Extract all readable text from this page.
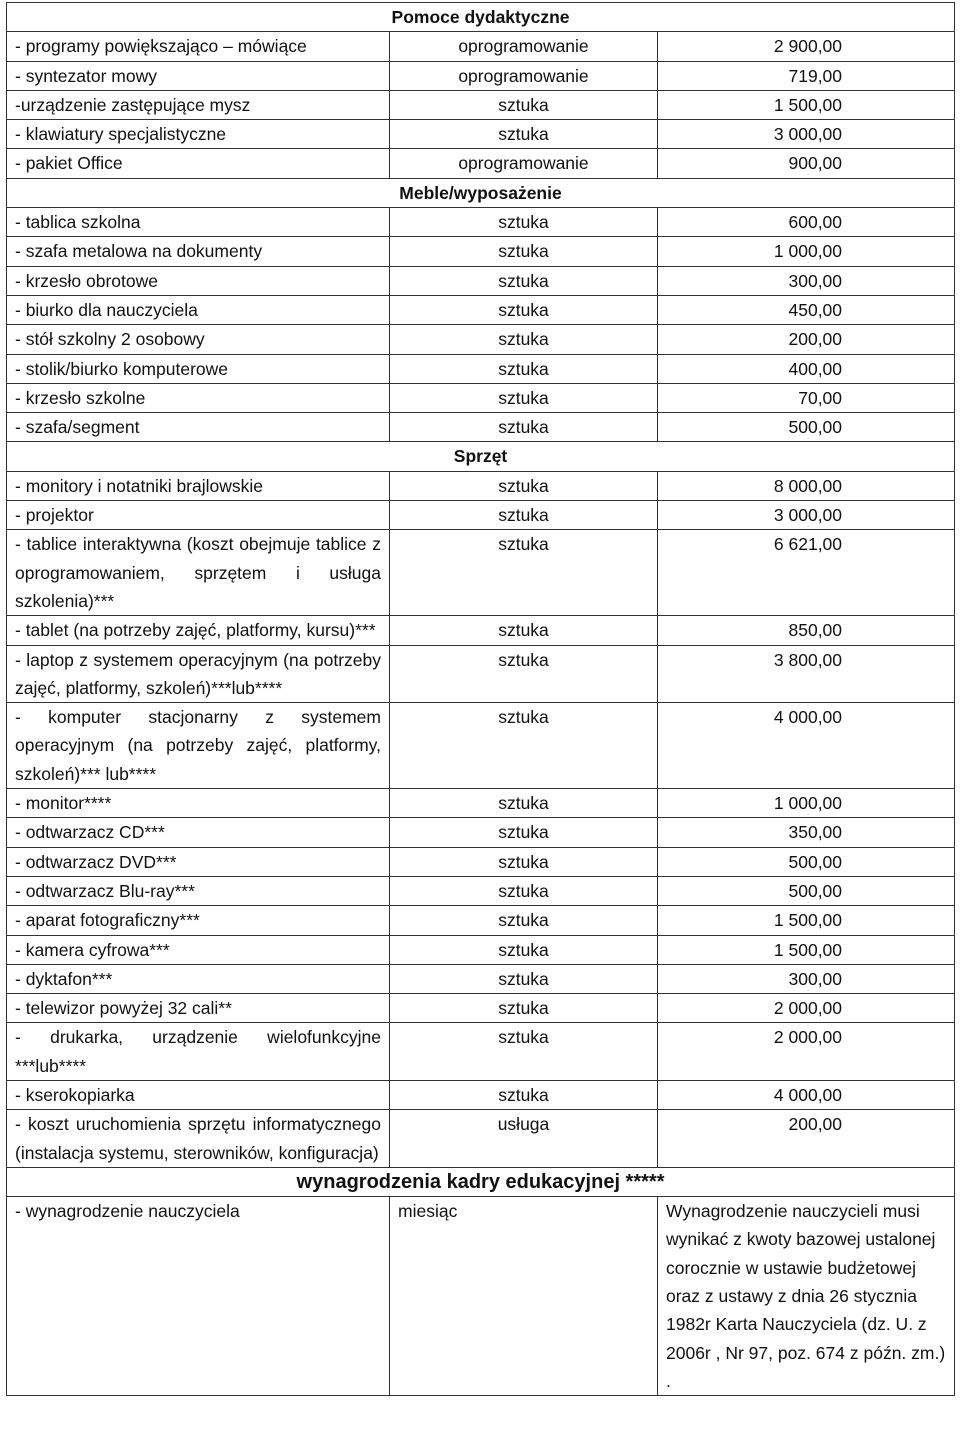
Pomoce dydaktyczne		
- programy powiększająco – mówiące	oprogramowanie	2 900,00
- syntezator mowy	oprogramowanie	719,00
-urządzenie zastępujące mysz	sztuka	1 500,00
- klawiatury specjalistyczne	sztuka	3 000,00
- pakiet Office	oprogramowanie	900,00
Meble/wyposażenie		
- tablica szkolna	sztuka	600,00
- szafa metalowa na dokumenty	sztuka	1 000,00
- krzesło obrotowe	sztuka	300,00
- biurko dla nauczyciela	sztuka	450,00
- stół szkolny 2 osobowy	sztuka	200,00
- stolik/biurko komputerowe	sztuka	400,00
- krzesło szkolne	sztuka	70,00
- szafa/segment	sztuka	500,00
Sprzęt		
- monitory i notatniki brajlowskie	sztuka	8 000,00
- projektor	sztuka	3 000,00
- tablice interaktywna (koszt obejmuje tablice z oprogramowaniem, sprzętem i usługa szkolenia)***	sztuka	6 621,00
- tablet (na potrzeby zajęć, platformy, kursu)***	sztuka	850,00
- laptop z systemem operacyjnym (na potrzeby zajęć, platformy, szkoleń)***lub****	sztuka	3 800,00
- komputer stacjonarny z systemem operacyjnym (na potrzeby zajęć, platformy, szkoleń)*** lub****	sztuka	4 000,00
- monitor****	sztuka	1 000,00
- odtwarzacz CD***	sztuka	350,00
- odtwarzacz DVD***	sztuka	500,00
- odtwarzacz Blu-ray***	sztuka	500,00
- aparat fotograficzny***	sztuka	1 500,00
- kamera cyfrowa***	sztuka	1 500,00
- dyktafon***	sztuka	300,00
- telewizor powyżej 32 cali**	sztuka	2 000,00
- drukarka, urządzenie wielofunkcyjne ***lub****	sztuka	2 000,00
- kserokopiarka	sztuka	4 000,00
- koszt uruchomienia sprzętu informatycznego (instalacja systemu, sterowników, konfiguracja)	usługa	200,00
wynagrodzenia kadry edukacyjnej *****		
- wynagrodzenie nauczyciela	miesiąc	Wynagrodzenie nauczycieli musi wynikać z kwoty bazowej ustalonej corocznie w ustawie budżetowej oraz z ustawy z dnia 26 stycznia 1982r Karta Nauczyciela (dz. U. z 2006r , Nr 97, poz. 674 z późn. zm.) .
